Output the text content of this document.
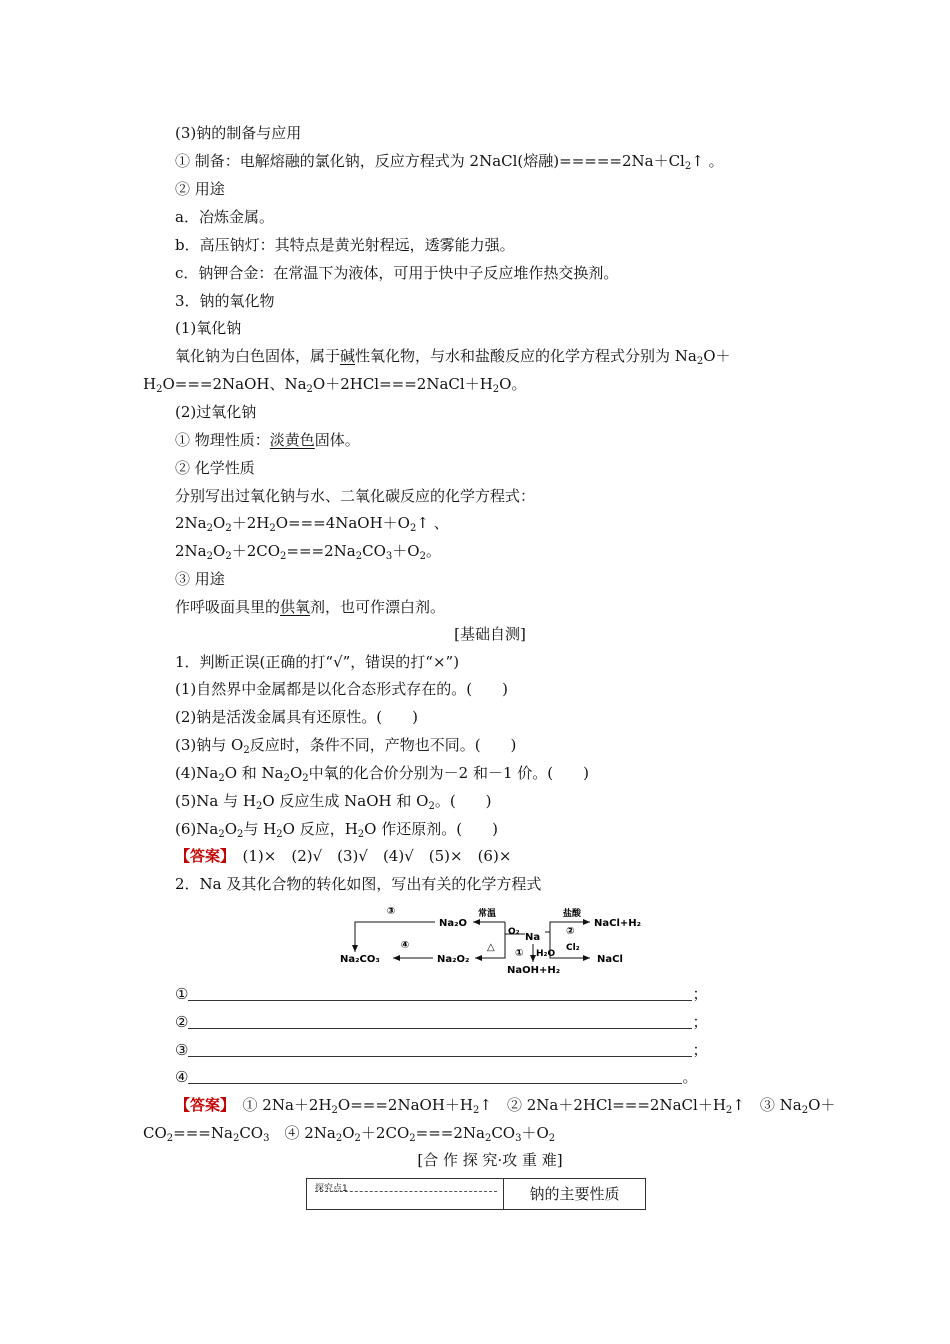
(3)钠的制备与应用
① 制备：电解熔融的氯化钠，反应方程式为 2NaCl(熔融)$=====2Na+Cl_2↑$ 。
② 用途
a．冶炼金属。
b．高压钠灯：其特点是黄光射程远，透雾能力强。
c．钠钾合金：在常温下为液体，可用于快中子反应堆作热交换剂。
3．钠的氧化物
(1)氧化钠
氧化钠为白色固体，属于碱性氧化物，与水和盐酸反应的化学方程式分别为 $Na_2O+$
$H_2O===2NaOH$、$Na_2O+2HCl===2NaCl+H_2O$。
(2)过氧化钠
① 物理性质：淡黄色固体。
② 化学性质
分别写出过氧化钠与水、二氧化碳反应的化学方程式：
$2Na_2O_2+2H_2O===4NaOH+O_2↑$ 、
$2Na_2O_2+2CO_2===2Na_2CO_3+O_2$。
③ 用途
作呼吸面具里的供氧剂，也可作漂白剂。
[基础自测]
1．判断正误(正确的打“√”，错误的打“×”)
(1)自然界中金属都是以化合态形式存在的。(　　)
(2)钠是活泼金属具有还原性。(　　)
(3)钠与 $O_2$反应时，条件不同，产物也不同。(　　)
$(4)Na_2O$ 和 $Na_2O_2$中氧的化合价分别为－2 和－1 价。(　　)
(5)Na 与 $H_2O$ 反应生成 NaOH 和 $O_2$。(　　)
$(6)Na_2O_2$与 $H_2O$ 反应，$H_2O$ 作还原剂。(　　)
【答案】　 (1)×　(2)√　(3)√　(4)√　(5)×　(6)×
2．Na 及其化合物的转化如图，写出有关的化学方程式
③
Na₂O
常温	盐酸
NaCl+H₂
②
④
O₂ Na
△	Cl₂
Na₂CO₃	Na₂O₂
① H₂O	NaCl
NaOH+H₂
①	；
②	；
③	；
④	。
【答案】　 ① $2Na+2H_2O===2NaOH+H_2↑$　② $2Na+2HCl===2NaCl+H_2↑$　③ $Na_2O+$
$CO_2===Na_2CO_3$　④ $2Na_2O_2+2CO_2===2Na_2CO_3+O_2$
[合 作 探 究·攻 重 难]
探究点1	钠的主要性质
